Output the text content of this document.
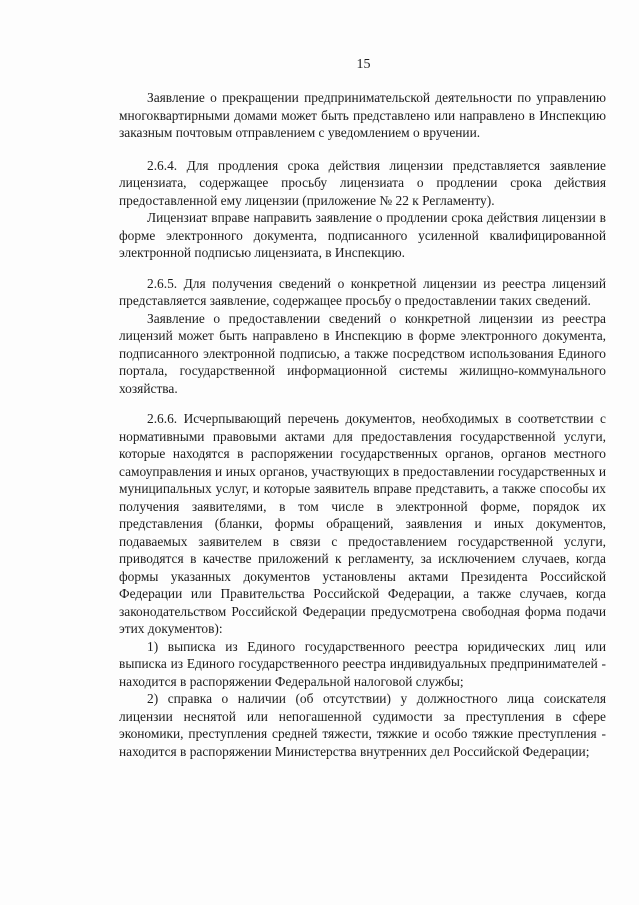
15

Заявление о прекращении предпринимательской деятельности по управлению многоквартирными домами может быть представлено или направлено в Инспекцию заказным почтовым отправлением с уведомлением о вручении.

2.6.4. Для продления срока действия лицензии представляется заявление лицензиата, содержащее просьбу лицензиата о продлении срока действия предоставленной ему лицензии (приложение № 22 к Регламенту).

Лицензиат вправе направить заявление о продлении срока действия лицензии в форме электронного документа, подписанного усиленной квалифицированной электронной подписью лицензиата, в Инспекцию.

2.6.5. Для получения сведений о конкретной лицензии из реестра лицензий представляется заявление, содержащее просьбу о предоставлении таких сведений.

Заявление о предоставлении сведений о конкретной лицензии из реестра лицензий может быть направлено в Инспекцию в форме электронного документа, подписанного электронной подписью, а также посредством использования Единого портала, государственной информационной системы жилищно-коммунального хозяйства.

2.6.6. Исчерпывающий перечень документов, необходимых в соответствии с нормативными правовыми актами для предоставления государственной услуги, которые находятся в распоряжении государственных органов, органов местного самоуправления и иных органов, участвующих в предоставлении государственных и муниципальных услуг, и которые заявитель вправе представить, а также способы их получения заявителями, в том числе в электронной форме, порядок их представления (бланки, формы обращений, заявления и иных документов, подаваемых заявителем в связи с предоставлением государственной услуги, приводятся в качестве приложений к регламенту, за исключением случаев, когда формы указанных документов установлены актами Президента Российской Федерации или Правительства Российской Федерации, а также случаев, когда законодательством Российской Федерации предусмотрена свободная форма подачи этих документов):

1) выписка из Единого государственного реестра юридических лиц или выписка из Единого государственного реестра индивидуальных предпринимателей - находится в распоряжении Федеральной налоговой службы;

2) справка о наличии (об отсутствии) у должностного лица соискателя лицензии неснятой или непогашенной судимости за преступления в сфере экономики, преступления средней тяжести, тяжкие и особо тяжкие преступления - находится в распоряжении Министерства внутренних дел Российской Федерации;
